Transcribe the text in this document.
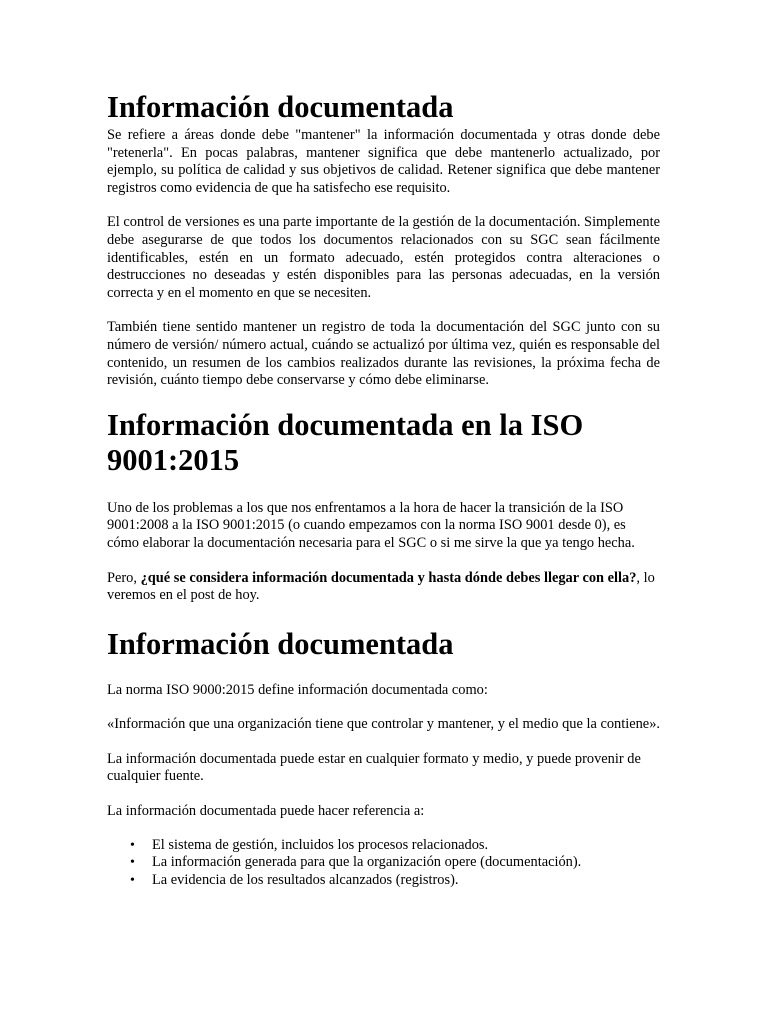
Información documentada

Se refiere a áreas donde debe "mantener" la información documentada y otras donde debe "retenerla". En pocas palabras, mantener significa que debe mantenerlo actualizado, por ejemplo, su política de calidad y sus objetivos de calidad. Retener significa que debe mantener registros como evidencia de que ha satisfecho ese requisito.

El control de versiones es una parte importante de la gestión de la documentación. Simplemente debe asegurarse de que todos los documentos relacionados con su SGC sean fácilmente identificables, estén en un formato adecuado, estén protegidos contra alteraciones o destrucciones no deseadas y estén disponibles para las personas adecuadas, en la versión correcta y en el momento en que se necesiten.

También tiene sentido mantener un registro de toda la documentación del SGC junto con su número de versión/ número actual, cuándo se actualizó por última vez, quién es responsable del contenido, un resumen de los cambios realizados durante las revisiones, la próxima fecha de revisión, cuánto tiempo debe conservarse y cómo debe eliminarse.

Información documentada en la ISO 9001:2015

Uno de los problemas a los que nos enfrentamos a la hora de hacer la transición de la ISO 9001:2008 a la ISO 9001:2015 (o cuando empezamos con la norma ISO 9001 desde 0), es cómo elaborar la documentación necesaria para el SGC o si me sirve la que ya tengo hecha.

Pero, ¿qué se considera información documentada y hasta dónde debes llegar con ella?, lo veremos en el post de hoy.

Información documentada

La norma ISO 9000:2015 define información documentada como:

«Información que una organización tiene que controlar y mantener, y el medio que la contiene».

La información documentada puede estar en cualquier formato y medio, y puede provenir de cualquier fuente.

La información documentada puede hacer referencia a:

• El sistema de gestión, incluidos los procesos relacionados.
• La información generada para que la organización opere (documentación).
• La evidencia de los resultados alcanzados (registros).
